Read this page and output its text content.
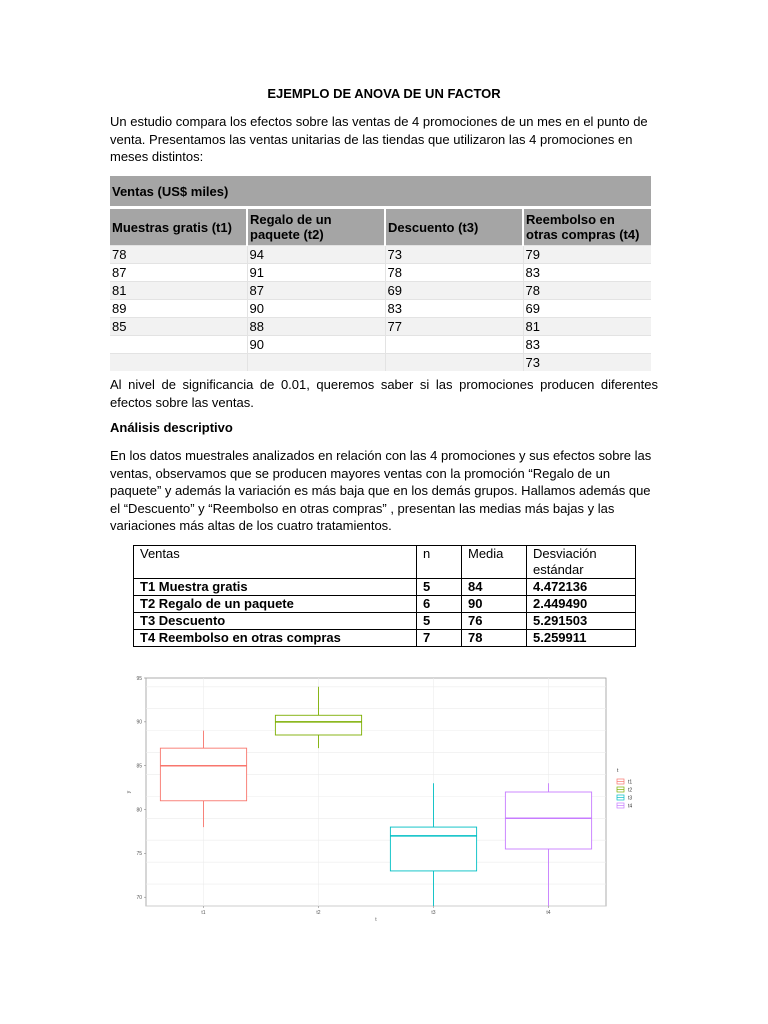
EJEMPLO DE ANOVA DE UN FACTOR
Un estudio compara los efectos sobre las ventas de 4 promociones de un mes en el punto de venta. Presentamos las ventas unitarias de las tiendas que utilizaron las 4 promociones en meses distintos:
Ventas (US$ miles)			
Muestras gratis (t1)	Regalo de un paquete (t2)	Descuento (t3)	Reembolso en otras compras (t4)
78	94	73	79
87	91	78	83
81	87	69	78
89	90	83	69
85	88	77	81
	90		83
			73
Al nivel de significancia de 0.01, queremos saber si las promociones producen diferentes efectos sobre las ventas.
Análisis descriptivo
En los datos muestrales analizados en relación con las 4 promociones y sus efectos sobre las ventas, observamos que se producen mayores ventas con la promoción “Regalo de un paquete” y además la variación es más baja que en los demás grupos. Hallamos además que el “Descuento” y “Reembolso en otras compras” , presentan las medias más bajas y las variaciones más altas de los cuatro tratamientos.
Ventas	n	Media	Desviación estándar
T1 Muestra gratis	5	84	4.472136
T2 Regalo de un paquete	6	90	2.449490
T3 Descuento	5	76	5.291503
T4 Reembolso en otras compras	7	78	5.259911
70
75
80
85
90
95
t1	t2	t3	t4
t
y
t
t1
t2
t3
t4
